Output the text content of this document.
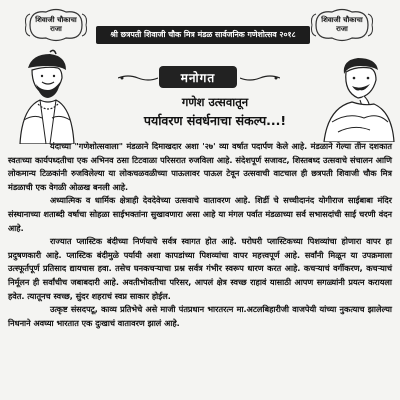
शिवाजी चौकाचा
राजा
शिवाजी चौकाचा
राजा
श्री छत्रपती शिवाजी चौक मित्र मंडळ सार्वजनिक गणेशोत्सव २०१८
मनोगत
गणेश उत्सवातून
पर्यावरण संवर्धनाचा संकल्प...!

यंदाच्या "गणेशोत्सवाला" मंडळाने दिमाखदार अशा '२७' व्या वर्षात पदार्पण केले आहे. मंडळाने गेल्या तीन दशकात स्वतःच्या कार्यपध्दतीचा एक अभिनव ठसा टिटवाळा परिसरात रुजविला आहे. संदेशपूर्ण सजावट, शिस्तबध्द उत्सवाचे संचालन आणि लोकमान्य टिळकांनी रुजविलेल्या या लोकचळवळीच्या पाऊलावर पाऊल टेवून उत्सवाची वाटचाल ही छत्रपती शिवाजी चौक मित्र मंडळाची एक वेगळी ओळख बनली आहे.

अध्यात्मिक व धार्मिक क्षेत्राही देवदेवेच्या उत्सवाचे वातावरण आहे. शिर्डी चे सच्चीदानंद योगीराज साईबाबा मंदिर संस्थानाच्या शताब्दी वर्षाचा सोहळा साईभक्तांना सुखावणारा असा आहे या मंगल पर्वात मंडळाच्या सर्व सभासदांची साई चरणी वंदन आहे.

राज्यात प्लास्टिक बंदीच्या निर्णयाचे सर्वत्र स्वागत होत आहे. घरोघरी प्लास्टिकच्या पिशव्यांचा होणारा वापर हा प्रदुषणकारी आहे. प्लास्टिक बंदीमुळे पर्यायी अशा कापडांच्या पिशव्यांचा वापर महत्त्वपूर्ण आहे. सर्वांनी मिळून या उपक्रमाला उत्स्फूर्तपूर्ण प्रतिसाद द्यायचास हवा. तसेच घनकचऱ्याचा प्रश्न सर्वत्र गंभीर स्वरूप धारण करत आहे. कचऱ्याचं वर्गीकरण, कचऱ्याचं निर्मूलन ही सर्वांचीच जबाबदारी आहे. अवतीभोवतीचा परिसर, आपलं क्षेत्र स्वच्छ राहावं यासाठी आपण सगळ्यांनी प्रयत्न करायला हवेत. त्यातूनच स्वच्छ, सुंदर शहराचं स्वप्न साकार होईल.

उत्कृष्ट संसदपटू, काव्य प्रतिभेचे असे माजी पंतप्रधान भारतरत्न मा.अटलबिहारीजी वाजपेयी यांच्या नुकत्याच झालेल्या निधनाने अवघ्या भारतात एक दुःखाचं वातावरण झालं आहे.
